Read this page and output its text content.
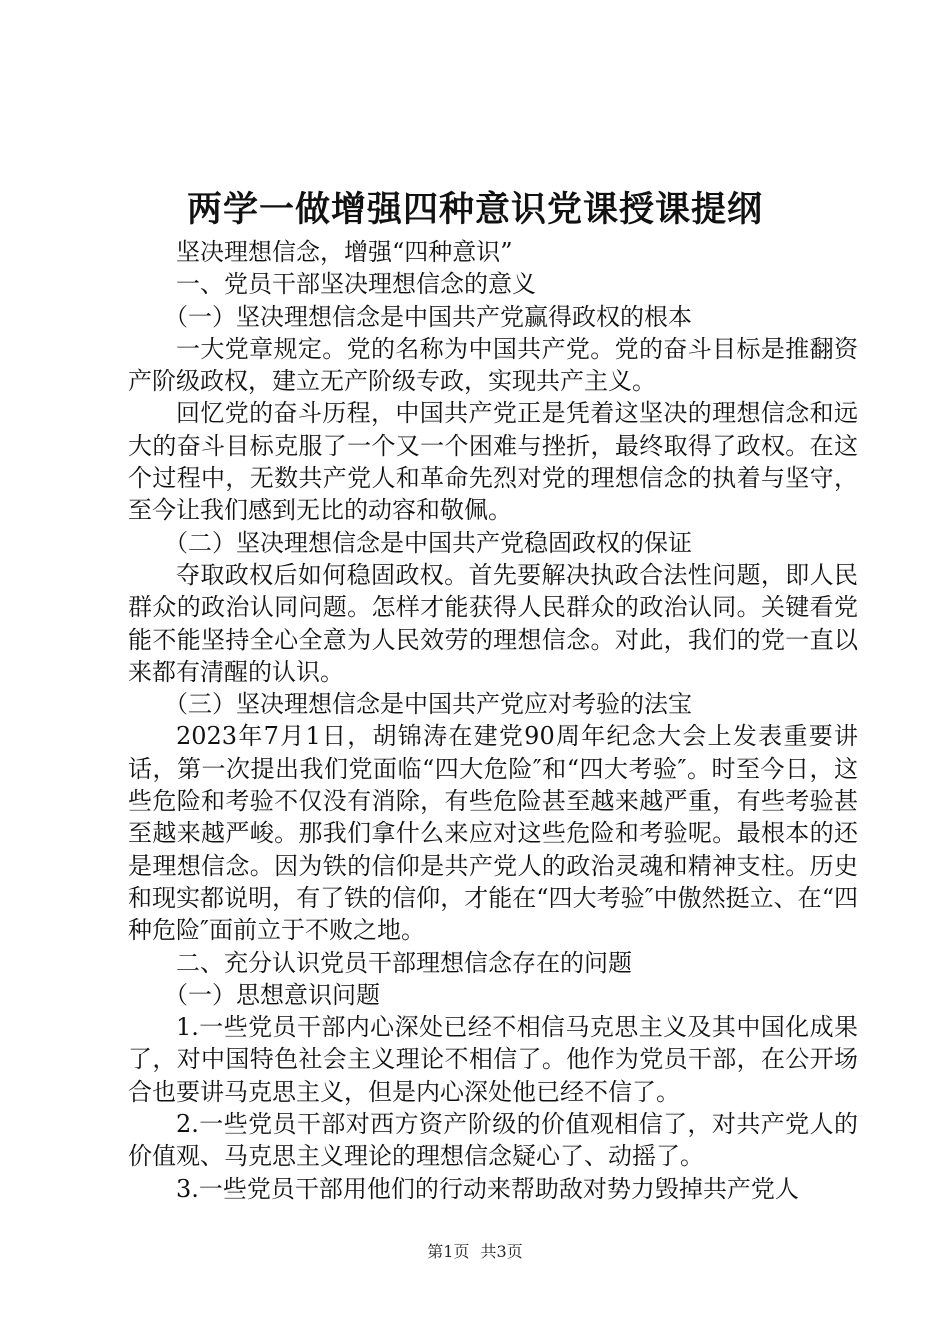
两学一做增强四种意识党课授课提纲

坚决理想信念，增强“四种意识”

一、党员干部坚决理想信念的意义

（一）坚决理想信念是中国共产党赢得政权的根本

一大党章规定。党的名称为中国共产党。党的奋斗目标是推翻资产阶级政权，建立无产阶级专政，实现共产主义。

回忆党的奋斗历程，中国共产党正是凭着这坚决的理想信念和远大的奋斗目标克服了一个又一个困难与挫折，最终取得了政权。在这个过程中，无数共产党人和革命先烈对党的理想信念的执着与坚守，至今让我们感到无比的动容和敬佩。

（二）坚决理想信念是中国共产党稳固政权的保证

夺取政权后如何稳固政权。首先要解决执政合法性问题，即人民群众的政治认同问题。怎样才能获得人民群众的政治认同。关键看党能不能坚持全心全意为人民效劳的理想信念。对此，我们的党一直以来都有清醒的认识。

（三）坚决理想信念是中国共产党应对考验的法宝

2023年7月1日，胡锦涛在建党90周年纪念大会上发表重要讲话，第一次提出我们党面临“四大危险″和“四大考验″。时至今日，这些危险和考验不仅没有消除，有些危险甚至越来越严重，有些考验甚至越来越严峻。那我们拿什么来应对这些危险和考验呢。最根本的还是理想信念。因为铁的信仰是共产党人的政治灵魂和精神支柱。历史和现实都说明，有了铁的信仰，才能在“四大考验″中傲然挺立、在“四种危险″面前立于不败之地。

二、充分认识党员干部理想信念存在的问题

（一）思想意识问题

1.一些党员干部内心深处已经不相信马克思主义及其中国化成果了，对中国特色社会主义理论不相信了。他作为党员干部，在公开场合也要讲马克思主义，但是内心深处他已经不信了。

2.一些党员干部对西方资产阶级的价值观相信了，对共产党人的价值观、马克思主义理论的理想信念疑心了、动摇了。

3.一些党员干部用他们的行动来帮助敌对势力毁掉共产党人

第1页 共3页
